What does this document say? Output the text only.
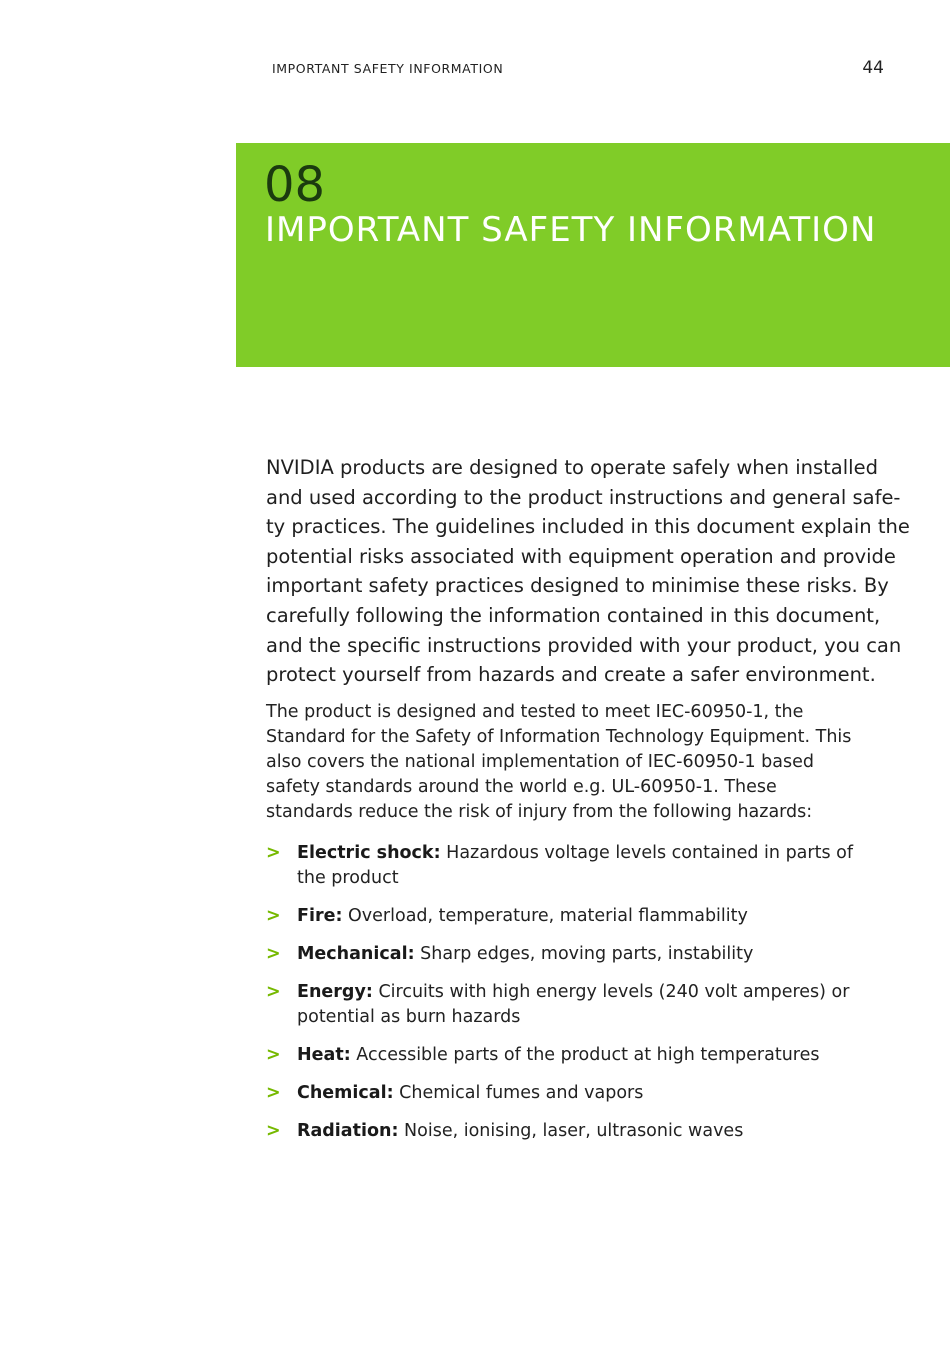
IMPORTANT SAFETY INFORMATION	44
08
IMPORTANT SAFETY INFORMATION

NVIDIA products are designed to operate safely when installed and used according to the product instructions and general safe-ty practices. The guidelines included in this document explain the potential risks associated with equipment operation and provide important safety practices designed to minimise these risks. By carefully following the information contained in this document, and the specific instructions provided with your product, you can protect yourself from hazards and create a safer environment.

The product is designed and tested to meet IEC-60950-1, the Standard for the Safety of Information Technology Equipment. This also covers the national implementation of IEC-60950-1 based safety standards around the world e.g. UL-60950-1. These standards reduce the risk of injury from the following hazards:

> Electric shock: Hazardous voltage levels contained in parts of the product
> Fire: Overload, temperature, material flammability
> Mechanical: Sharp edges, moving parts, instability
> Energy: Circuits with high energy levels (240 volt amperes) or potential as burn hazards
> Heat: Accessible parts of the product at high temperatures
> Chemical: Chemical fumes and vapors
> Radiation: Noise, ionising, laser, ultrasonic waves
